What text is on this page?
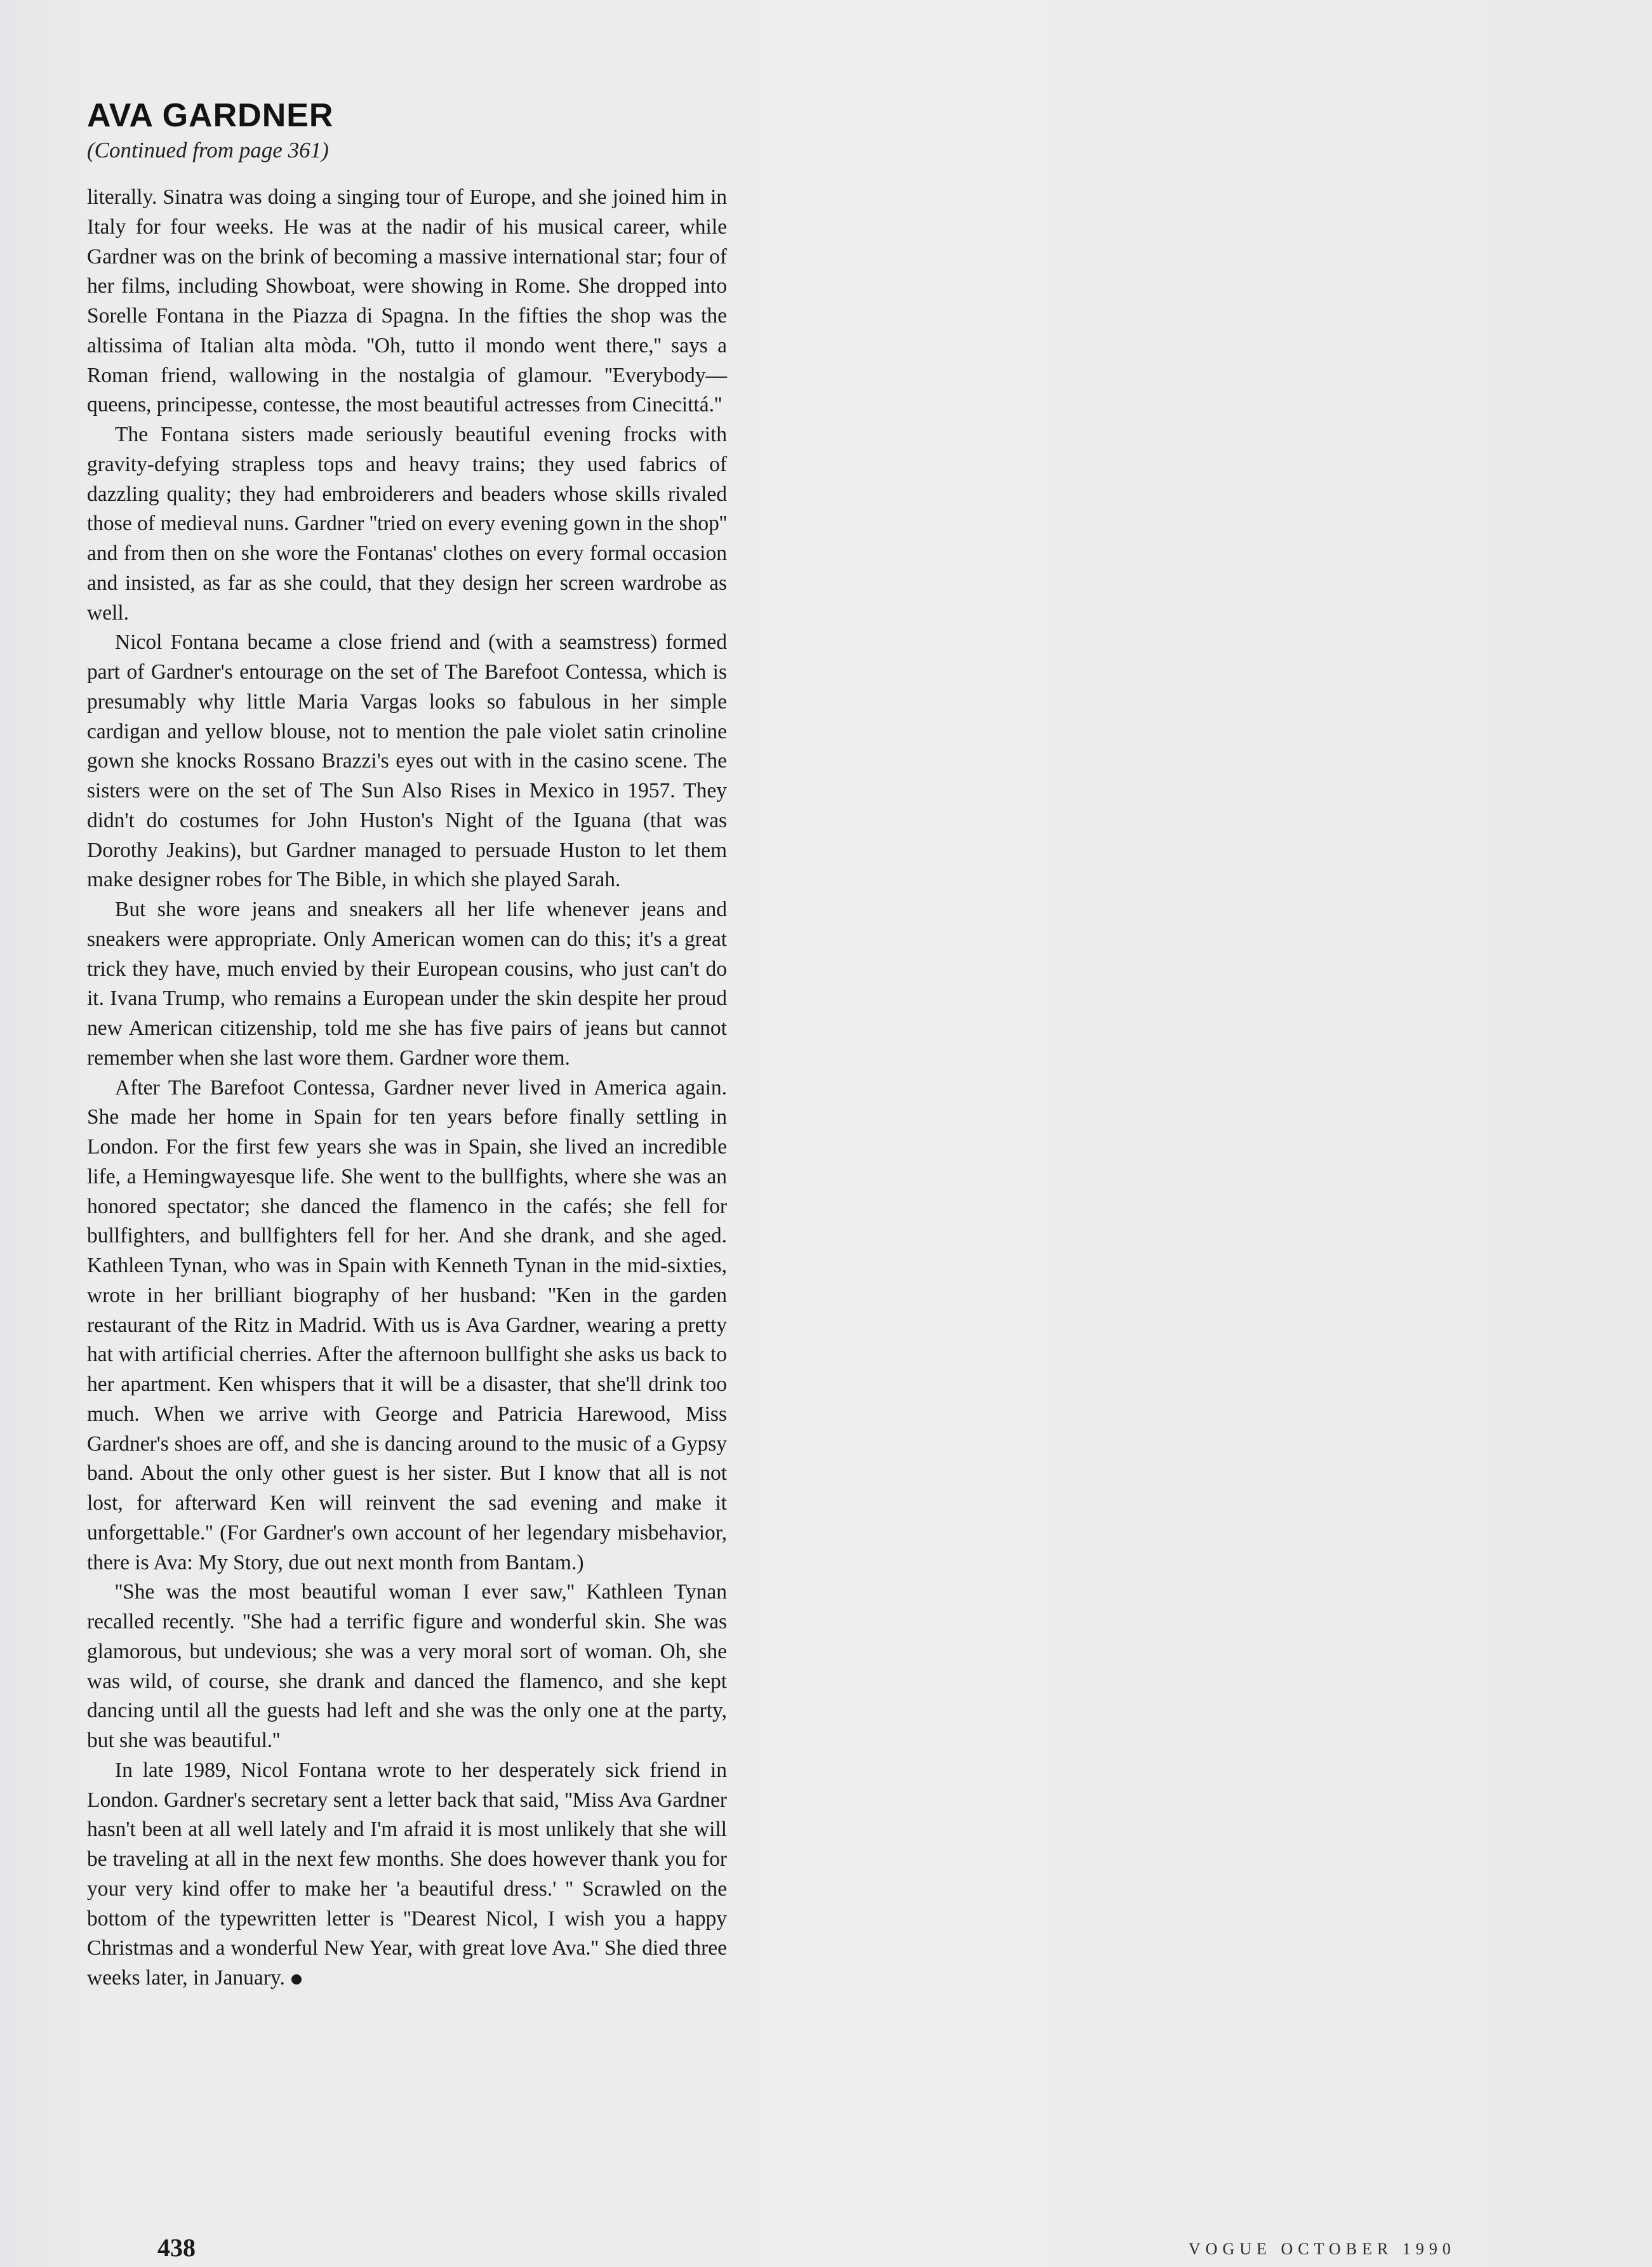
AVA GARDNER

(Continued from page 361)

literally. Sinatra was doing a singing tour of Europe, and she joined him in Italy for four weeks. He was at the nadir of his musical career, while Gardner was on the brink of becoming a massive international star; four of her films, including Showboat, were showing in Rome. She dropped into Sorelle Fontana in the Piazza di Spagna. In the fifties the shop was the altissima of Italian alta mòda. ''Oh, tutto il mondo went there,'' says a Roman friend, wallowing in the nostalgia of glamour. ''Everybody—queens, principesse, contesse, the most beautiful actresses from Cinecittá.''

The Fontana sisters made seriously beautiful evening frocks with gravity-defying strapless tops and heavy trains; they used fabrics of dazzling quality; they had embroiderers and beaders whose skills rivaled those of medieval nuns. Gardner ''tried on every evening gown in the shop'' and from then on she wore the Fontanas' clothes on every formal occasion and insisted, as far as she could, that they design her screen wardrobe as well.

Nicol Fontana became a close friend and (with a seamstress) formed part of Gardner's entourage on the set of The Barefoot Contessa, which is presumably why little Maria Vargas looks so fabulous in her simple cardigan and yellow blouse, not to mention the pale violet satin crinoline gown she knocks Rossano Brazzi's eyes out with in the casino scene. The sisters were on the set of The Sun Also Rises in Mexico in 1957. They didn't do costumes for John Huston's Night of the Iguana (that was Dorothy Jeakins), but Gardner managed to persuade Huston to let them make designer robes for The Bible, in which she played Sarah.

But she wore jeans and sneakers all her life whenever jeans and sneakers were appropriate. Only American women can do this; it's a great trick they have, much envied by their European cousins, who just can't do it. Ivana Trump, who remains a European under the skin despite her proud new American citizenship, told me she has five pairs of jeans but cannot remember when she last wore them. Gardner wore them.

After The Barefoot Contessa, Gardner never lived in America again. She made her home in Spain for ten years before finally settling in London. For the first few years she was in Spain, she lived an incredible life, a Hemingwayesque life. She went to the bullfights, where she was an honored spectator; she danced the flamenco in the cafés; she fell for bullfighters, and bullfighters fell for her. And she drank, and she aged. Kathleen Tynan, who was in Spain with Kenneth Tynan in the mid-sixties, wrote in her brilliant biography of her husband: ''Ken in the garden restaurant of the Ritz in Madrid. With us is Ava Gardner, wearing a pretty hat with artificial cherries. After the afternoon bullfight she asks us back to her apartment. Ken whispers that it will be a disaster, that she'll drink too much. When we arrive with George and Patricia Harewood, Miss Gardner's shoes are off, and she is dancing around to the music of a Gypsy band. About the only other guest is her sister. But I know that all is not lost, for afterward Ken will reinvent the sad evening and make it unforgettable.'' (For Gardner's own account of her legendary misbehavior, there is Ava: My Story, due out next month from Bantam.)

''She was the most beautiful woman I ever saw,'' Kathleen Tynan recalled recently. ''She had a terrific figure and wonderful skin. She was glamorous, but undevious; she was a very moral sort of woman. Oh, she was wild, of course, she drank and danced the flamenco, and she kept dancing until all the guests had left and she was the only one at the party, but she was beautiful.''

In late 1989, Nicol Fontana wrote to her desperately sick friend in London. Gardner's secretary sent a letter back that said, ''Miss Ava Gardner hasn't been at all well lately and I'm afraid it is most unlikely that she will be traveling at all in the next few months. She does however thank you for your very kind offer to make her 'a beautiful dress.' '' Scrawled on the bottom of the typewritten letter is ''Dearest Nicol, I wish you a happy Christmas and a wonderful New Year, with great love Ava.'' She died three weeks later, in January.

438	VOGUE OCTOBER 1990
